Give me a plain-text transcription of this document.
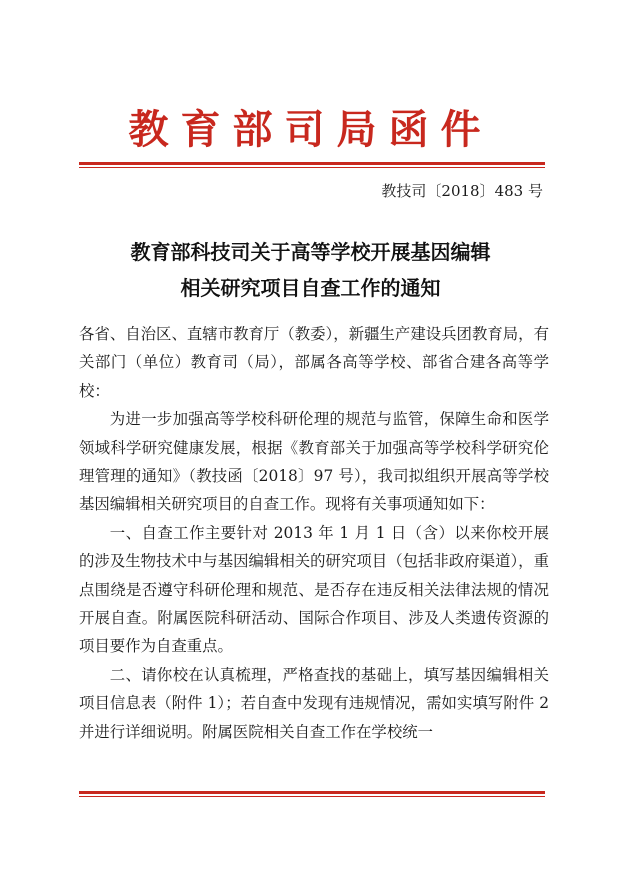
教育部司局函件
教技司〔2018〕483 号
教育部科技司关于高等学校开展基因编辑
相关研究项目自查工作的通知

各省、自治区、直辖市教育厅（教委），新疆生产建设兵团教育局，有关部门（单位）教育司（局），部属各高等学校、部省合建各高等学校：

为进一步加强高等学校科研伦理的规范与监管，保障生命和医学领域科学研究健康发展，根据《教育部关于加强高等学校科学研究伦理管理的通知》（教技函〔2018〕97 号），我司拟组织开展高等学校基因编辑相关研究项目的自查工作。现将有关事项通知如下：

一、自查工作主要针对 2013 年 1 月 1 日（含）以来你校开展的涉及生物技术中与基因编辑相关的研究项目（包括非政府渠道），重点围绕是否遵守科研伦理和规范、是否存在违反相关法律法规的情况开展自查。附属医院科研活动、国际合作项目、涉及人类遗传资源的项目要作为自查重点。

二、请你校在认真梳理，严格查找的基础上，填写基因编辑相关项目信息表（附件 1）；若自查中发现有违规情况，需如实填写附件 2 并进行详细说明。附属医院相关自查工作在学校统一
